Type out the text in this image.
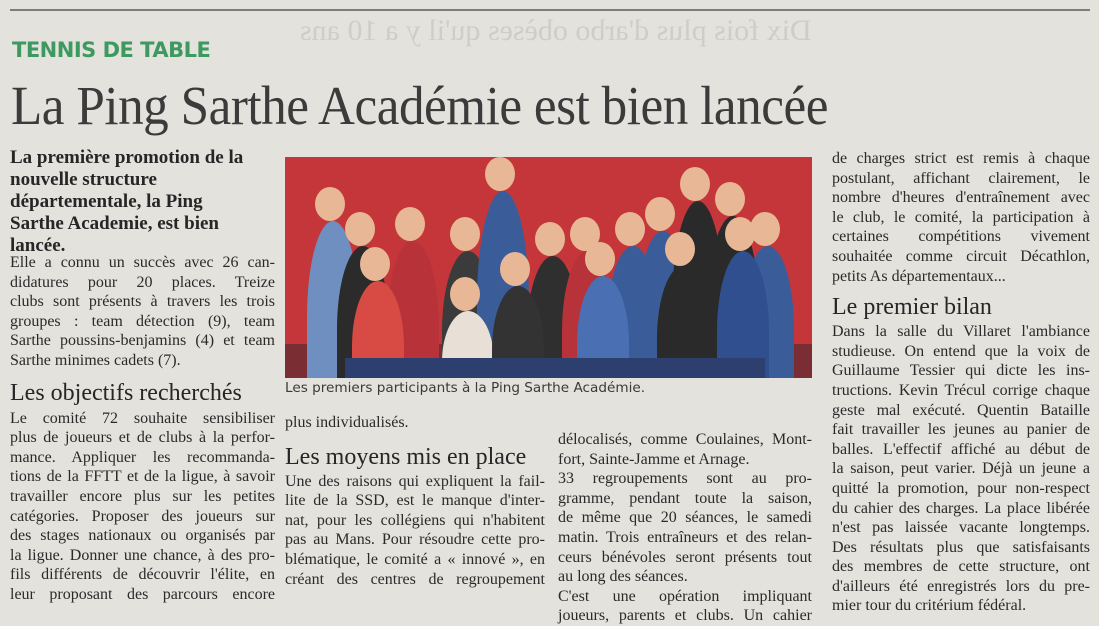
Dix fois plus d'arbo obèses qu'il y a 10 ans
TENNIS DE TABLE
La Ping Sarthe Académie est bien lancée
La première promotion de la
nouvelle structure
départementale, la Ping
Sarthe Academie, est bien
lancée.
Elle a connu un succès avec 26 can-
didatures pour 20 places. Treize
clubs sont présents à travers les trois
groupes : team détection (9), team
Sarthe poussins-benjamins (4) et team
Sarthe minimes cadets (7).
Les objectifs recherchés
Le comité 72 souhaite sensibiliser
plus de joueurs et de clubs à la perfor-
mance. Appliquer les recommanda-
tions de la FFTT et de la ligue, à savoir
travailler encore plus sur les petites
catégories. Proposer des joueurs sur
des stages nationaux ou organisés par
la ligue. Donner une chance, à des pro-
fils différents de découvrir l'élite, en
leur proposant des parcours encore
Les premiers participants à la Ping Sarthe Académie.
plus individualisés.
Les moyens mis en place
Une des raisons qui expliquent la fail-
lite de la SSD, est le manque d'inter-
nat, pour les collégiens qui n'habitent
pas au Mans. Pour résoudre cette pro-
blématique, le comité a « innové », en
créant des centres de regroupement
délocalisés, comme Coulaines, Mont-
fort, Sainte-Jamme et Arnage.
33 regroupements sont au pro-
gramme, pendant toute la saison,
de même que 20 séances, le samedi
matin. Trois entraîneurs et des relan-
ceurs bénévoles seront présents tout
au long des séances.
C'est une opération impliquant
joueurs, parents et clubs. Un cahier
de charges strict est remis à chaque
postulant, affichant clairement, le
nombre d'heures d'entraînement avec
le club, le comité, la participation à
certaines compétitions vivement
souhaitée comme circuit Décathlon,
petits As départementaux...
Le premier bilan
Dans la salle du Villaret l'ambiance
studieuse. On entend que la voix de
Guillaume Tessier qui dicte les ins-
tructions. Kevin Trécul corrige chaque
geste mal exécuté. Quentin Bataille
fait travailler les jeunes au panier de
balles. L'effectif affiché au début de
la saison, peut varier. Déjà un jeune a
quitté la promotion, pour non-respect
du cahier des charges. La place libérée
n'est pas laissée vacante longtemps.
Des résultats plus que satisfaisants
des membres de cette structure, ont
d'ailleurs été enregistrés lors du pre-
mier tour du critérium fédéral.
